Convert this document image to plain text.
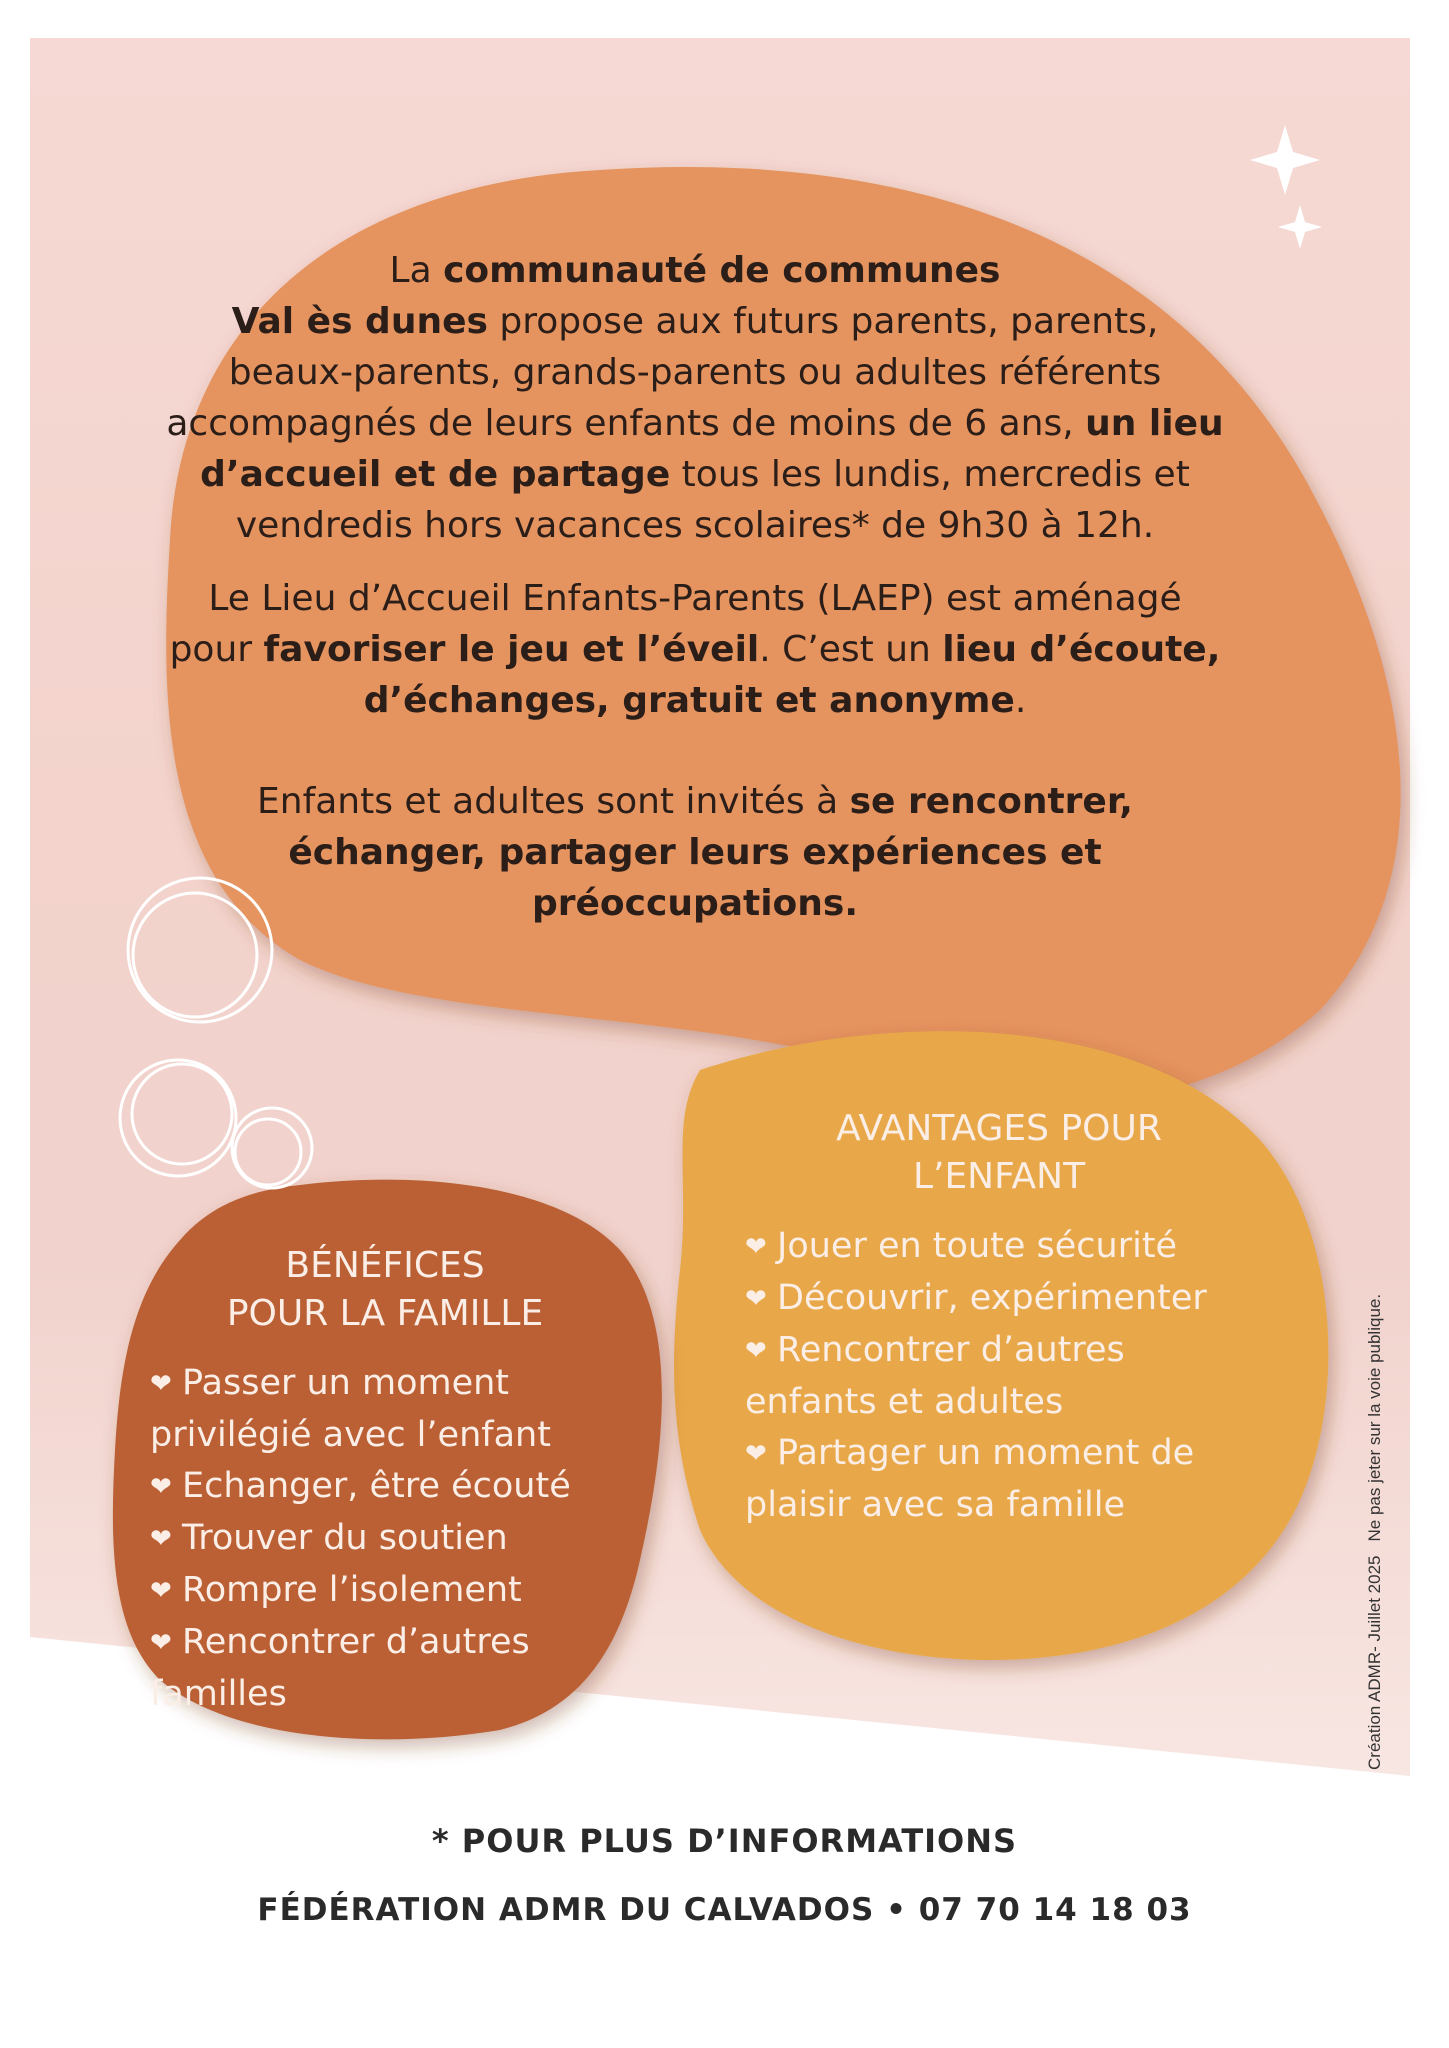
La communauté de communes
Val ès dunes propose aux futurs parents, parents, beaux-parents, grands-parents ou adultes référents accompagnés de leurs enfants de moins de 6 ans, un lieu d’accueil et de partage tous les lundis, mercredis et vendredis hors vacances scolaires* de 9h30 à 12h.

Le Lieu d’Accueil Enfants-Parents (LAEP) est aménagé pour favoriser le jeu et l’éveil. C’est un lieu d’écoute, d’échanges, gratuit et anonyme.

Enfants et adultes sont invités à se rencontrer, échanger, partager leurs expériences et préoccupations.

BÉNÉFICES
POUR LA FAMILLE
❤ Passer un moment privilégié avec l’enfant
❤ Echanger, être écouté
❤ Trouver du soutien
❤ Rompre l’isolement
❤ Rencontrer d’autres familles
AVANTAGES POUR
L’ENFANT
❤ Jouer en toute sécurité
❤ Découvrir, expérimenter
❤ Rencontrer d’autres enfants et adultes
❤ Partager un moment de plaisir avec sa famille
* POUR PLUS D’INFORMATIONS
FÉDÉRATION ADMR DU CALVADOS • 07 70 14 18 03
Création ADMR- Juillet 2025Ne pas jeter sur la voie publique.
